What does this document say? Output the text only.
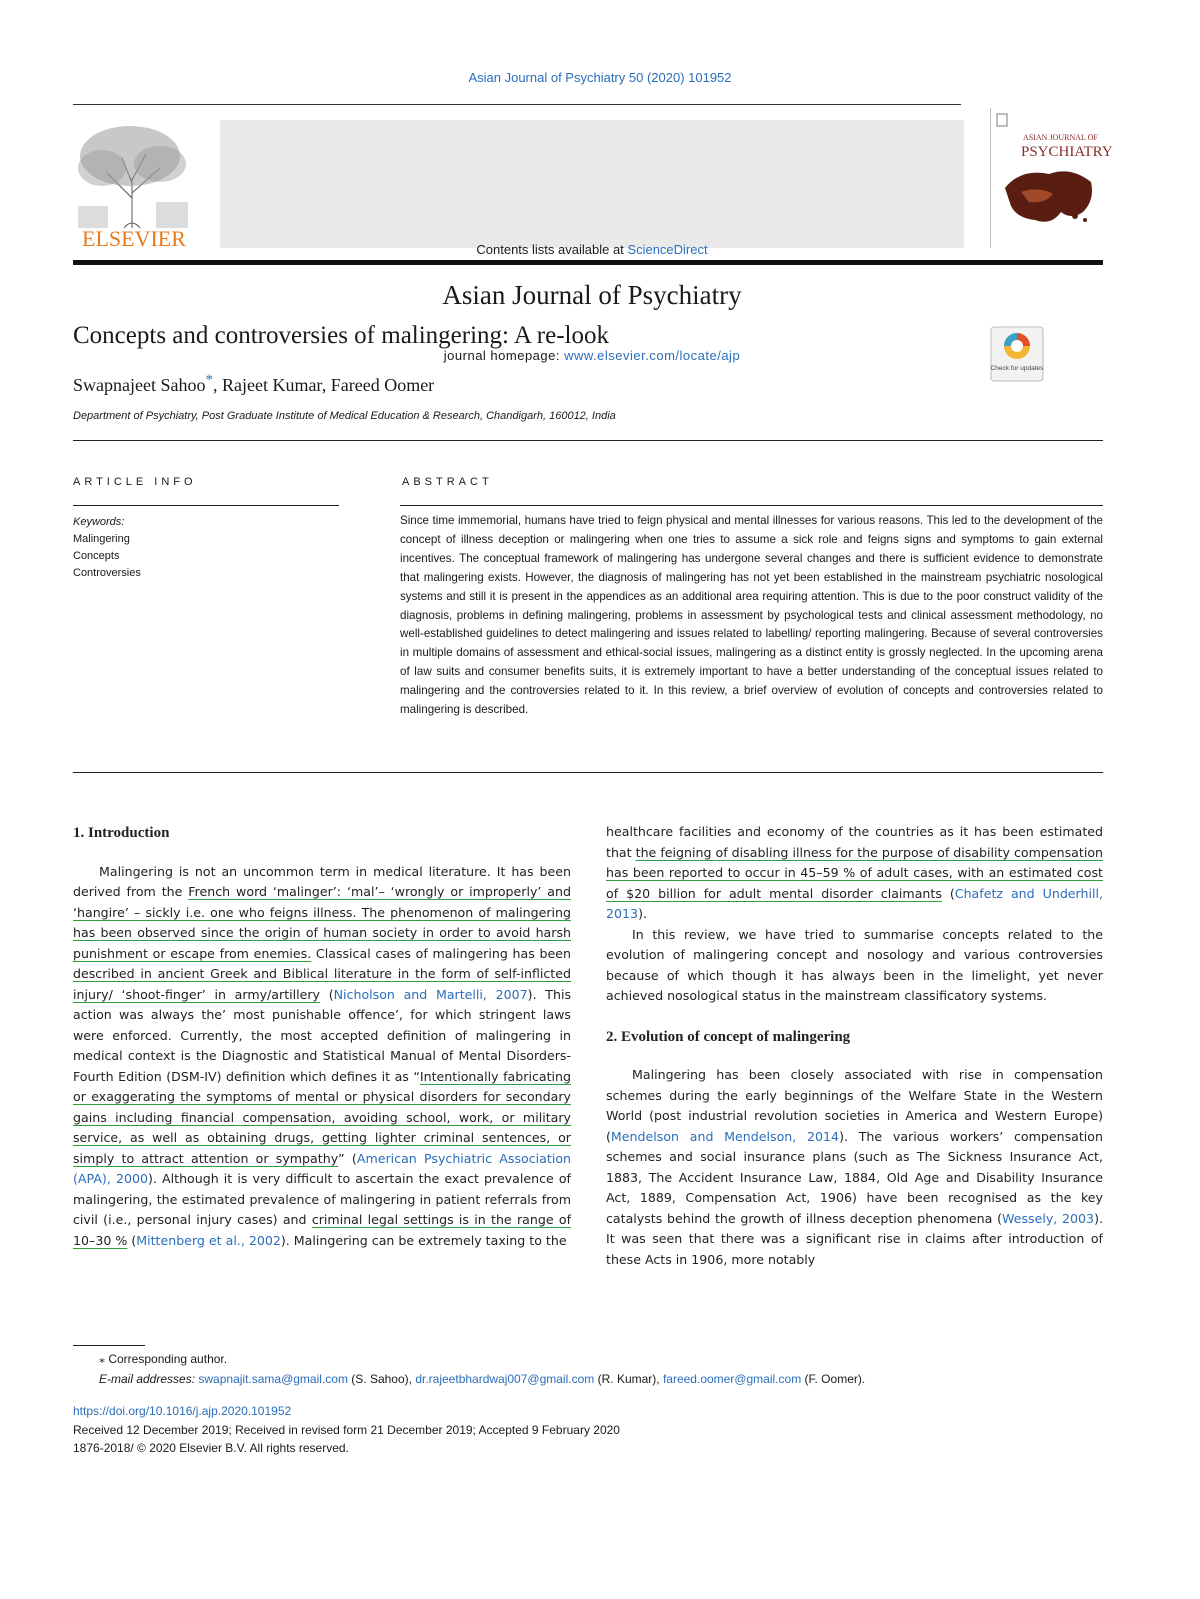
Asian Journal of Psychiatry 50 (2020) 101952
ELSEVIER	Contents lists available at ScienceDirect
Asian Journal of Psychiatry
journal homepage: www.elsevier.com/locate/ajp
ASIAN JOURNAL OF
PSYCHIATRY
Concepts and controversies of malingering: A re-look
Check for updates
Swapnajeet Sahoo*, Rajeet Kumar, Fareed Oomer
Department of Psychiatry, Post Graduate Institute of Medical Education & Research, Chandigarh, 160012, India
ARTICLE INFO	ABSTRACT
Keywords:
Malingering
Concepts
Controversies
Since time immemorial, humans have tried to feign physical and mental illnesses for various reasons. This led to the development of the concept of illness deception or malingering when one tries to assume a sick role and feigns signs and symptoms to gain external incentives. The conceptual framework of malingering has undergone several changes and there is sufficient evidence to demonstrate that malingering exists. However, the diagnosis of malingering has not yet been established in the mainstream psychiatric nosological systems and still it is present in the appendices as an additional area requiring attention. This is due to the poor construct validity of the diagnosis, problems in defining malingering, problems in assessment by psychological tests and clinical assessment methodology, no well-established guidelines to detect malingering and issues related to labelling/ reporting malingering. Because of several controversies in multiple domains of assessment and ethical-social issues, malingering as a distinct entity is grossly neglected. In the upcoming arena of law suits and consumer benefits suits, it is extremely important to have a better understanding of the conceptual issues related to malingering and the controversies related to it. In this review, a brief overview of evolution of concepts and controversies related to malingering is described.
1. Introduction

Malingering is not an uncommon term in medical literature. It has been derived from the French word ‘malinger’: ‘mal’– ‘wrongly or improperly’ and ‘hangire’ – sickly i.e. one who feigns illness. The phenomenon of malingering has been observed since the origin of human society in order to avoid harsh punishment or escape from enemies. Classical cases of malingering has been described in ancient Greek and Biblical literature in the form of self-inflicted injury/ ‘shoot-finger’ in army/artillery (Nicholson and Martelli, 2007). This action was always the’ most punishable offence’, for which stringent laws were enforced. Currently, the most accepted definition of malingering in medical context is the Diagnostic and Statistical Manual of Mental Disorders-Fourth Edition (DSM-IV) definition which defines it as “Intentionally fabricating or exaggerating the symptoms of mental or physical disorders for secondary gains including financial compensation, avoiding school, work, or military service, as well as obtaining drugs, getting lighter criminal sentences, or simply to attract attention or sympathy” (American Psychiatric Association (APA), 2000). Although it is very difficult to ascertain the exact prevalence of malingering, the estimated prevalence of malingering in patient referrals from civil (i.e., personal injury cases) and criminal legal settings is in the range of 10–30 % (Mittenberg et al., 2002). Malingering can be extremely taxing to the

healthcare facilities and economy of the countries as it has been estimated that the feigning of disabling illness for the purpose of disability compensation has been reported to occur in 45–59 % of adult cases, with an estimated cost of $20 billion for adult mental disorder claimants (Chafetz and Underhill, 2013).

In this review, we have tried to summarise concepts related to the evolution of malingering concept and nosology and various controversies because of which though it has always been in the limelight, yet never achieved nosological status in the mainstream classificatory systems.

2. Evolution of concept of malingering

Malingering has been closely associated with rise in compensation schemes during the early beginnings of the Welfare State in the Western World (post industrial revolution societies in America and Western Europe) (Mendelson and Mendelson, 2014). The various workers’ compensation schemes and social insurance plans (such as The Sickness Insurance Act, 1883, The Accident Insurance Law, 1884, Old Age and Disability Insurance Act, 1889, Compensation Act, 1906) have been recognised as the key catalysts behind the growth of illness deception phenomena (Wessely, 2003). It was seen that there was a significant rise in claims after introduction of these Acts in 1906, more notably

⁎ Corresponding author.
E-mail addresses: swapnajit.sama@gmail.com (S. Sahoo), dr.rajeetbhardwaj007@gmail.com (R. Kumar), fareed.oomer@gmail.com (F. Oomer).
https://doi.org/10.1016/j.ajp.2020.101952
Received 12 December 2019; Received in revised form 21 December 2019; Accepted 9 February 2020
1876-2018/ © 2020 Elsevier B.V. All rights reserved.
